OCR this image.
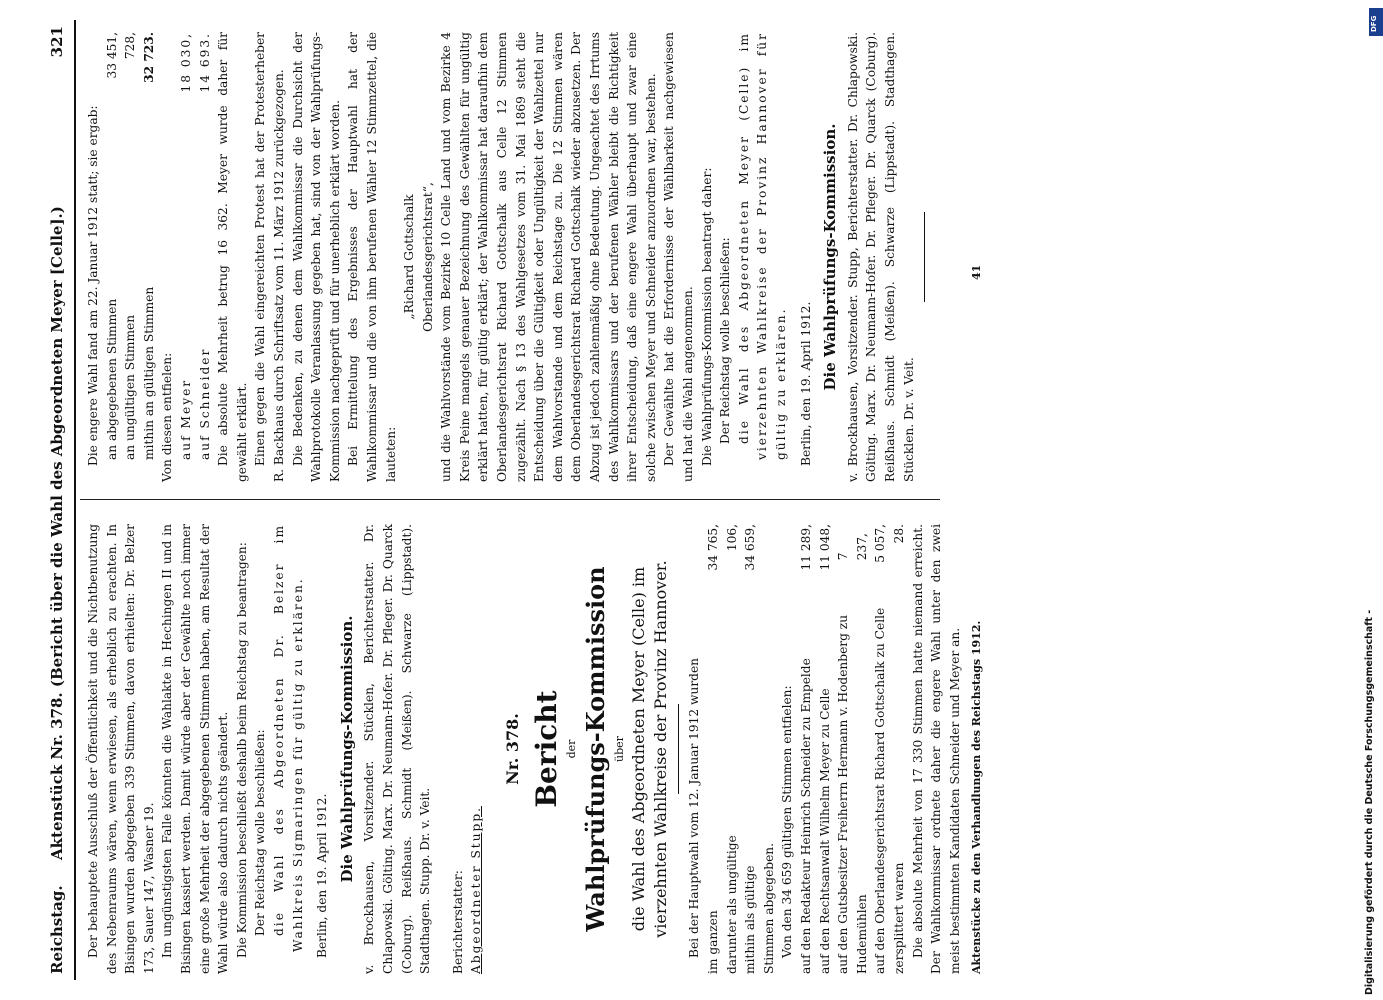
Reichstag.
Aktenstück Nr. 378. (Bericht über die Wahl des Abgeordneten Meyer [Celle].)
321

Der behauptete Ausschluß der Öffentlichkeit und die Nichtbenutzung des Nebenraums wären, wenn erwiesen, als erheblich zu erachten. In Bisingen wurden abgegeben 339 Stimmen, davon erhielten: Dr. Belzer 173, Sauer 147, Wasner 19. Im ungünstigsten Falle könnten die Wahlakte in Hechingen II und in Bisingen kassiert werden. Damit würde aber der Gewählte noch immer eine große Mehrheit der abgegebenen Stimmen haben, am Resultat der Wahl würde also dadurch nichts geändert. Die Kommission beschließt deshalb beim Reichstag zu beantragen: Der Reichstag wolle beschließen: die Wahl des Abgeordneten Dr. Belzer im Wahlkreis Sigmaringen für gültig zu erklären. Berlin, den 19. April 1912. Die Wahlprüfungs-Kommission. v. Brockhausen, Vorsitzender. Stücklen, Berichterstatter. Dr. Chlapowski. Gölting. Marx. Dr. Neumann-Hofer. Dr. Pfleger. Dr. Quarck (Coburg). Reißhaus. Schmidt (Meißen). Schwarze (Lippstadt). Stadthagen. Stupp. Dr. v. Veit. Berichterstatter: Abgeordneter Stupp.
Nr. 378. Bericht der Wahlprüfungs-Kommission über die Wahl des Abgeordneten Meyer (Celle) im vierzehnten Wahlkreise der Provinz Hannover. Bei der Hauptwahl vom 12. Januar 1912 wurden im ganzen
34 765,
darunter als ungültige
106,
mithin als gültige
34 659,
Stimmen abgegeben. Von den 34 659 gültigen Stimmen entfielen: auf den Redakteur Heinrich Schneider zu Empelde
11 289,
auf den Rechtsanwalt Wilhelm Meyer zu Celle
11 048,
auf den Gutsbesitzer Freiherrn Hermann v. Hodenberg zu Hudemühlen
7 237,
auf den Oberlandesgerichtsrat Richard Gottschalk zu Celle
5 057,
zersplittert waren
28. Die absolute Mehrheit von 17 330 Stimmen hatte niemand erreicht. Der Wahlkommissar ordnete daher die engere Wahl unter den zwei meist bestimmten Kandidaten Schneider und Meyer an.

Die engere Wahl fand am 22. Januar 1912 statt; sie ergab: an abgegebenen Stimmen
33 451,
an ungültigen Stimmen
728,
mithin an gültigen Stimmen
32 723.

Von diesen entfielen: auf Meyer
18 030,
auf Schneider
14 693. Die absolute Mehrheit betrug 16 362. Meyer wurde daher für gewählt erklärt. Einen gegen die Wahl eingereichten Protest hat der Protesterheber R. Backhaus durch Schriftsatz vom 11. März 1912 zurückgezogen. Die Bedenken, zu denen dem Wahlkommissar die Durchsicht der Wahlprotokolle Veranlassung gegeben hat, sind von der Wahlprüfungs-Kommission nachgeprüft und für unerheblich erklärt worden. Bei Ermittelung des Ergebnisses der Hauptwahl hat der Wahlkommissar und die von ihm berufenen Wähler 12 Stimmzettel, die lauteten:

„Richard Gottschalk Oberlandesgerichtsrat“, und die Wahlvorstände vom Bezirke 10 Celle Land und vom Bezirke 4 Kreis Peine mangels genauer Bezeichnung des Gewählten für ungültig erklärt hatten, für gültig erklärt; der Wahlkommissar hat daraufhin dem Oberlandesgerichtsrat Richard Gottschalk aus Celle 12 Stimmen zugezählt. Nach § 13 des Wahlgesetzes vom 31. Mai 1869 steht die Entscheidung über die Gültigkeit oder Ungültigkeit der Wahlzettel nur dem Wahlvorstande und dem Reichstage zu. Die 12 Stimmen wären dem Oberlandesgerichtsrat Richard Gottschalk wieder abzusetzen. Der Abzug ist jedoch zahlenmäßig ohne Bedeutung. Ungeachtet des Irrtums des Wahlkommissars und der berufenen Wähler bleibt die Richtigkeit ihrer Entscheidung, daß eine engere Wahl überhaupt und zwar eine solche zwischen Meyer und Schneider anzuordnen war, bestehen. Der Gewählte hat die Erfordernisse der Wählbarkeit nachgewiesen und hat die Wahl angenommen. Die Wahlprüfungs-Kommission beantragt daher: Der Reichstag wolle beschließen: die Wahl des Abgeordneten Meyer (Celle) im vierzehnten Wahlkreise der Provinz Hannover für gültig zu erklären. Berlin, den 19. April 1912. Die Wahlprüfungs-Kommission. v. Brockhausen, Vorsitzender. Stupp, Berichterstatter. Dr. Chlapowski. Gölting. Marx. Dr. Neumann-Hofer. Dr. Pfleger. Dr. Quarck (Coburg). Reißhaus. Schmidt (Meißen). Schwarze (Lippstadt). Stadthagen. Stücklen. Dr. v. Veit.

Aktenstücke zu den Verhandlungen des Reichstags 1912.
41
DFG
Digitalisierung gefördert durch die Deutsche Forschungsgemeinschaft -
